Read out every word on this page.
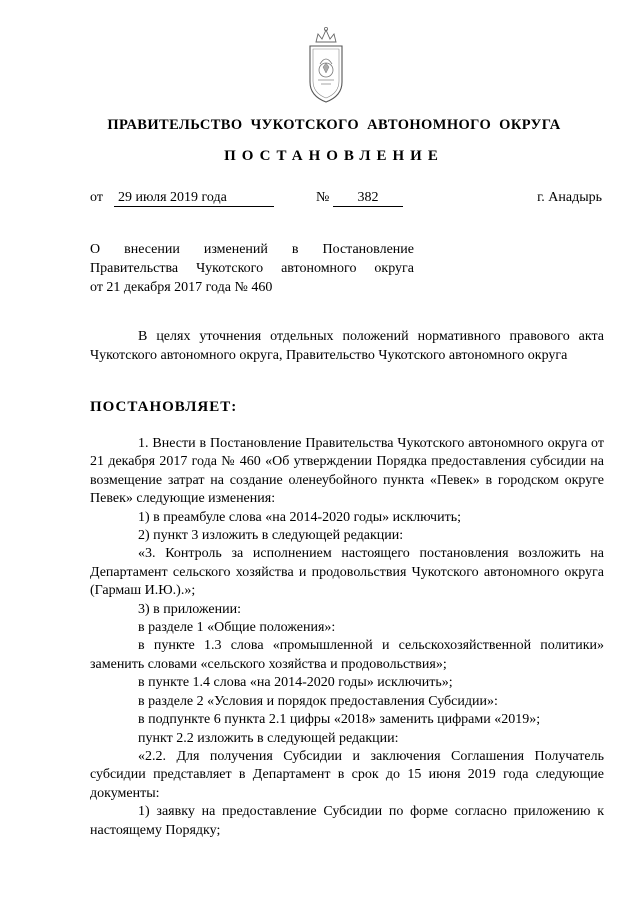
ПРАВИТЕЛЬСТВО  ЧУКОТСКОГО  АВТОНОМНОГО  ОКРУГА
ПОСТАНОВЛЕНИЕ
от 29 июля 2019 года	№	382	г. Анадырь
О    внесении    изменений    в    Постановление
Правительства  Чукотского  автономного  округа
от 21 декабря 2017 года № 460
В целях уточнения отдельных положений нормативного правового акта Чукотского автономного округа, Правительство Чукотского автономного округа
ПОСТАНОВЛЯЕТ:

1. Внести в Постановление Правительства Чукотского автономного округа от 21 декабря 2017 года № 460 «Об утверждении Порядка предоставления субсидии на возмещение затрат на создание оленеубойного пункта «Певек» в городском округе Певек» следующие изменения:

1) в преамбуле слова «на 2014-2020 годы» исключить;

2) пункт 3 изложить в следующей редакции:

«3. Контроль за исполнением настоящего постановления возложить на Департамент сельского хозяйства и продовольствия Чукотского автономного округа (Гармаш И.Ю.).»;

3) в приложении:

в разделе 1 «Общие положения»:

в пункте 1.3 слова «промышленной и сельскохозяйственной политики» заменить словами «сельского хозяйства и продовольствия»;

в пункте 1.4 слова «на 2014-2020 годы» исключить»;

в разделе 2 «Условия и порядок предоставления Субсидии»:

в подпункте 6 пункта 2.1 цифры «2018» заменить цифрами «2019»;

пункт 2.2 изложить в следующей редакции:

«2.2. Для получения Субсидии и заключения Соглашения Получатель субсидии представляет в Департамент в срок до 15 июня 2019 года следующие документы:

1) заявку на предоставление Субсидии по форме согласно приложению к настоящему Порядку;
